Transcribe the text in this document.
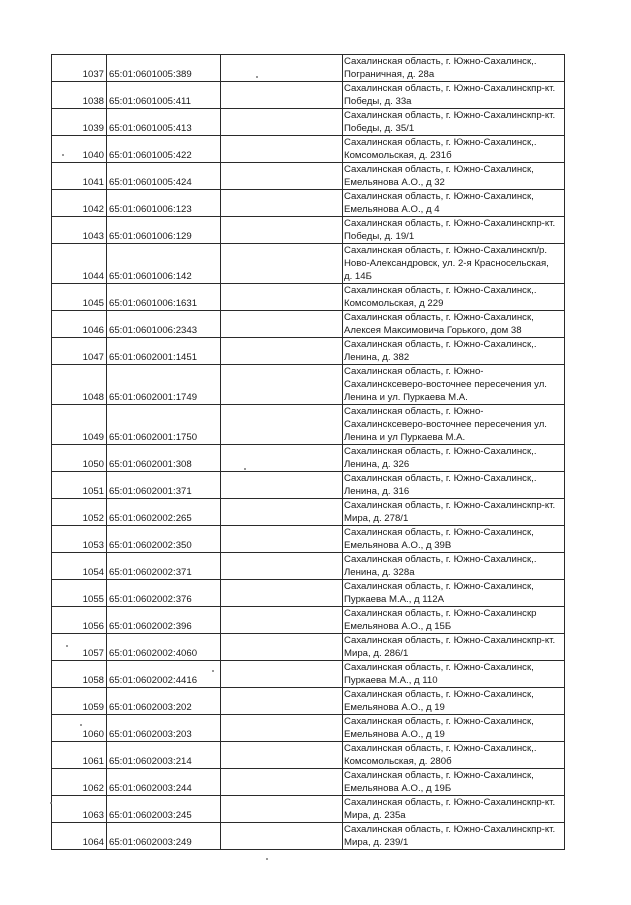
1037	65:01:0601005:389		Сахалинская область, г. Южно-Сахалинск,.
Пограничная, д. 28а

1038	65:01:0601005:411		Сахалинская область, г. Южно-Сахалинскпр-кт.
Победы, д. 33а

1039	65:01:0601005:413		Сахалинская область, г. Южно-Сахалинскпр-кт.
Победы, д. 35/1

1040	65:01:0601005:422		Сахалинская область, г. Южно-Сахалинск,.
Комсомольская, д. 231б

1041	65:01:0601005:424		Сахалинская область, г. Южно-Сахалинск,
Емельянова А.О., д 32

1042	65:01:0601006:123		Сахалинская область, г. Южно-Сахалинск,
Емельянова А.О., д 4

1043	65:01:0601006:129		Сахалинская область, г. Южно-Сахалинскпр-кт.
Победы, д. 19/1

1044	65:01:0601006:142		Сахалинская область, г. Южно-Сахалинскп/р.
Ново-Александровск, ул. 2-я Красносельская,
д. 14Б

1045	65:01:0601006:1631		Сахалинская область, г. Южно-Сахалинск,.
Комсомольская, д 229

1046	65:01:0601006:2343		Сахалинская область, г. Южно-Сахалинск,
Алексея Максимовича Горького, дом 38

1047	65:01:0602001:1451		Сахалинская область, г. Южно-Сахалинск,.
Ленина, д. 382

1048	65:01:0602001:1749		Сахалинская область, г. Южно-
Сахалинсксеверо-восточнее пересечения ул.
Ленина и ул. Пуркаева М.А.

1049	65:01:0602001:1750		Сахалинская область, г. Южно-
Сахалинсксеверо-восточнее пересечения ул.
Ленина и ул Пуркаева М.А.

1050	65:01:0602001:308		Сахалинская область, г. Южно-Сахалинск,.
Ленина, д. 326

1051	65:01:0602001:371		Сахалинская область, г. Южно-Сахалинск,.
Ленина, д. 316

1052	65:01:0602002:265		Сахалинская область, г. Южно-Сахалинскпр-кт.
Мира, д. 278/1

1053	65:01:0602002:350		Сахалинская область, г. Южно-Сахалинск,
Емельянова А.О., д 39В

1054	65:01:0602002:371		Сахалинская область, г. Южно-Сахалинск,.
Ленина, д. 328а

1055	65:01:0602002:376		Сахалинская область, г. Южно-Сахалинск,
Пуркаева М.А., д 112А

1056	65:01:0602002:396		Сахалинская область, г. Южно-Сахалинскр
Емельянова А.О., д 15Б

1057	65:01:0602002:4060		Сахалинская область, г. Южно-Сахалинскпр-кт.
Мира, д. 286/1

1058	65:01:0602002:4416		Сахалинская область, г. Южно-Сахалинск,
Пуркаева М.А., д 110

1059	65:01:0602003:202		Сахалинская область, г. Южно-Сахалинск,
Емельянова А.О., д 19

1060	65:01:0602003:203		Сахалинская область, г. Южно-Сахалинск,
Емельянова А.О., д 19

1061	65:01:0602003:214		Сахалинская область, г. Южно-Сахалинск,.
Комсомольская, д. 280б

1062	65:01:0602003:244		Сахалинская область, г. Южно-Сахалинск,
Емельянова А.О., д 19Б

1063	65:01:0602003:245		Сахалинская область, г. Южно-Сахалинскпр-кт.
Мира, д. 235а

1064	65:01:0602003:249		Сахалинская область, г. Южно-Сахалинскпр-кт.
Мира, д. 239/1
